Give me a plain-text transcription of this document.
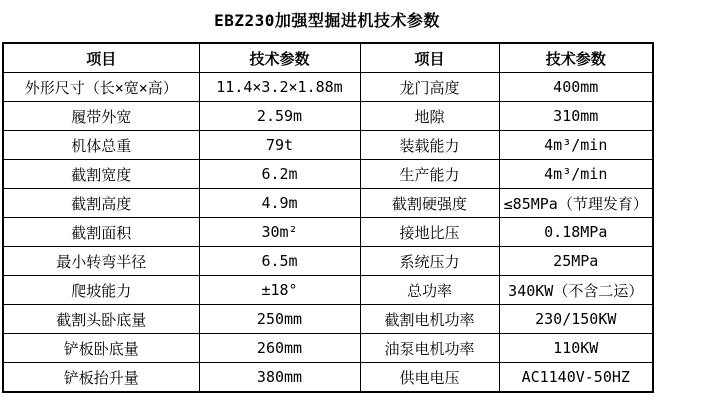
EBZ230加强型掘进机技术参数
项目	技术参数	项目	技术参数
外形尺寸（长×宽×高）	11.4×3.2×1.88m	龙门高度	400mm
履带外宽	2.59m	地隙	310mm
机体总重	79t	装载能力	4m³/min
截割宽度	6.2m	生产能力	4m³/min
截割高度	4.9m	截割硬强度	≤85MPa（节理发育）
截割面积	30m²	接地比压	0.18MPa
最小转弯半径	6.5m	系统压力	25MPa
爬坡能力	±18°	总功率	340KW（不含二运）
截割头卧底量	250mm	截割电机功率	230/150KW
铲板卧底量	260mm	油泵电机功率	110KW
铲板抬升量	380mm	供电电压	AC1140V-50HZ
